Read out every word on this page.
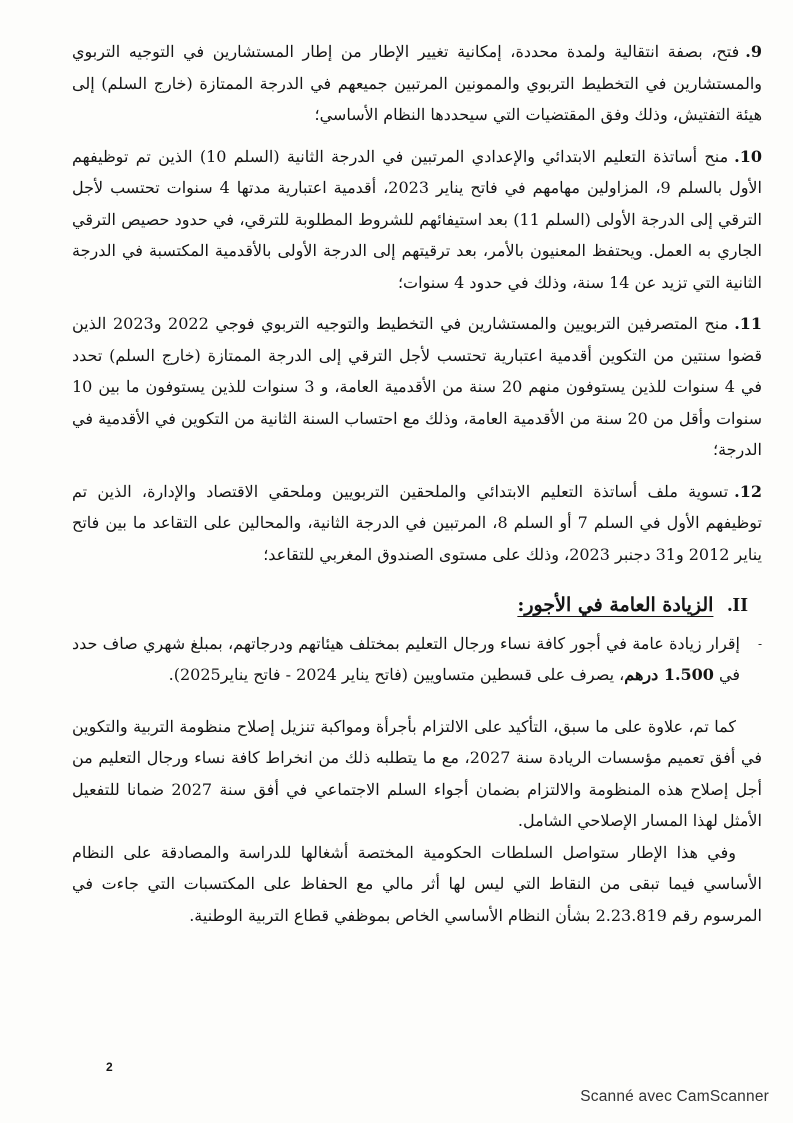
9.فتح، بصفة انتقالية ولمدة محددة، إمكانية تغيير الإطار من إطار المستشارين في التوجيه التربوي والمستشارين في التخطيط التربوي والممونين المرتبين جميعهم في الدرجة الممتازة (خارج السلم) إلى هيئة التفتيش، وذلك وفق المقتضيات التي سيحددها النظام الأساسي؛

10.منح أساتذة التعليم الابتدائي والإعدادي المرتبين في الدرجة الثانية (السلم 10) الذين تم توظيفهم الأول بالسلم 9، المزاولين مهامهم في فاتح يناير 2023، أقدمية اعتبارية مدتها 4 سنوات تحتسب لأجل الترقي إلى الدرجة الأولى (السلم 11) بعد استيفائهم للشروط المطلوبة للترقي، في حدود حصيص الترقي الجاري به العمل. ويحتفظ المعنيون بالأمر، بعد ترقيتهم إلى الدرجة الأولى بالأقدمية المكتسبة في الدرجة الثانية التي تزيد عن 14 سنة، وذلك في حدود 4 سنوات؛

11.منح المتصرفين التربويين والمستشارين في التخطيط والتوجيه التربوي فوجي 2022 و2023 الذين قضوا سنتين من التكوين أقدمية اعتبارية تحتسب لأجل الترقي إلى الدرجة الممتازة (خارج السلم) تحدد في 4 سنوات للذين يستوفون منهم 20 سنة من الأقدمية العامة، و 3 سنوات للذين يستوفون ما بين 10 سنوات وأقل من 20 سنة من الأقدمية العامة، وذلك مع احتساب السنة الثانية من التكوين في الأقدمية في الدرجة؛

12.تسوية ملف أساتذة التعليم الابتدائي والملحقين التربويين وملحقي الاقتصاد والإدارة، الذين تم توظيفهم الأول في السلم 7 أو السلم 8، المرتبين في الدرجة الثانية، والمحالين على التقاعد ما بين فاتح يناير 2012 و31 دجنبر 2023، وذلك على مستوى الصندوق المغربي للتقاعد؛

II.
الزيادة العامة في الأجور:
-
إقرار زيادة عامة في أجور كافة نساء ورجال التعليم بمختلف هيئاتهم ودرجاتهم، بمبلغ شهري صاف حدد في 1.500 درهم، يصرف على قسطين متساويين (فاتح يناير 2024 - فاتح يناير2025).

كما تم، علاوة على ما سبق، التأكيد على الالتزام بأجرأة ومواكبة تنزيل إصلاح منظومة التربية والتكوين في أفق تعميم مؤسسات الريادة سنة 2027، مع ما يتطلبه ذلك من انخراط كافة نساء ورجال التعليم من أجل إصلاح هذه المنظومة والالتزام بضمان أجواء السلم الاجتماعي في أفق سنة 2027 ضمانا للتفعيل الأمثل لهذا المسار الإصلاحي الشامل.

وفي هذا الإطار ستواصل السلطات الحكومية المختصة أشغالها للدراسة والمصادقة على النظام الأساسي فيما تبقى من النقاط التي ليس لها أثر مالي مع الحفاظ على المكتسبات التي جاءت في المرسوم رقم 2.23.819 بشأن النظام الأساسي الخاص بموظفي قطاع التربية الوطنية.

2
Scanné avec CamScanner
